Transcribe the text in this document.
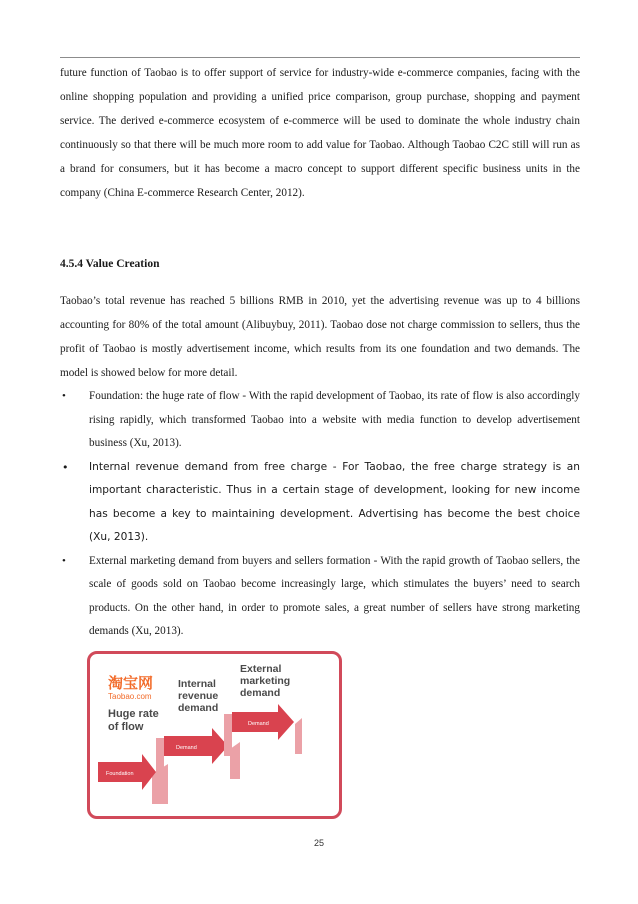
future function of Taobao is to offer support of service for industry-wide e-commerce companies, facing with the online shopping population and providing a unified price comparison, group purchase, shopping and payment service. The derived e-commerce ecosystem of e-commerce will be used to dominate the whole industry chain continuously so that there will be much more room to add value for Taobao. Although Taobao C2C still will run as a brand for consumers, but it has become a macro concept to support different specific business units in the company (China E-commerce Research Center, 2012).

4.5.4 Value Creation

Taobao’s total revenue has reached 5 billions RMB in 2010, yet the advertising revenue was up to 4 billions accounting for 80% of the total amount (Alibuybuy, 2011). Taobao dose not charge commission to sellers, thus the profit of Taobao is mostly advertisement income, which results from its one foundation and two demands. The model is showed below for more detail.

• Foundation: the huge rate of flow - With the rapid development of Taobao, its rate of flow is also accordingly rising rapidly, which transformed Taobao into a website with media function to develop advertisement business (Xu, 2013).
• Internal revenue demand from free charge - For Taobao, the free charge strategy is an important characteristic. Thus in a certain stage of development, looking for new income has become a key to maintaining development. Advertising has become the best choice (Xu, 2013).
• External marketing demand from buyers and sellers formation - With the rapid growth of Taobao sellers, the scale of goods sold on Taobao become increasingly large, which stimulates the buyers’ need to search products. On the other hand, in order to promote sales, a great number of sellers have strong marketing demands (Xu, 2013).
淘宝网
Taobao.com
Huge rate
of flow
Internal
revenue
demand
External
marketing
demand
Foundation
Demand
Demand
25
